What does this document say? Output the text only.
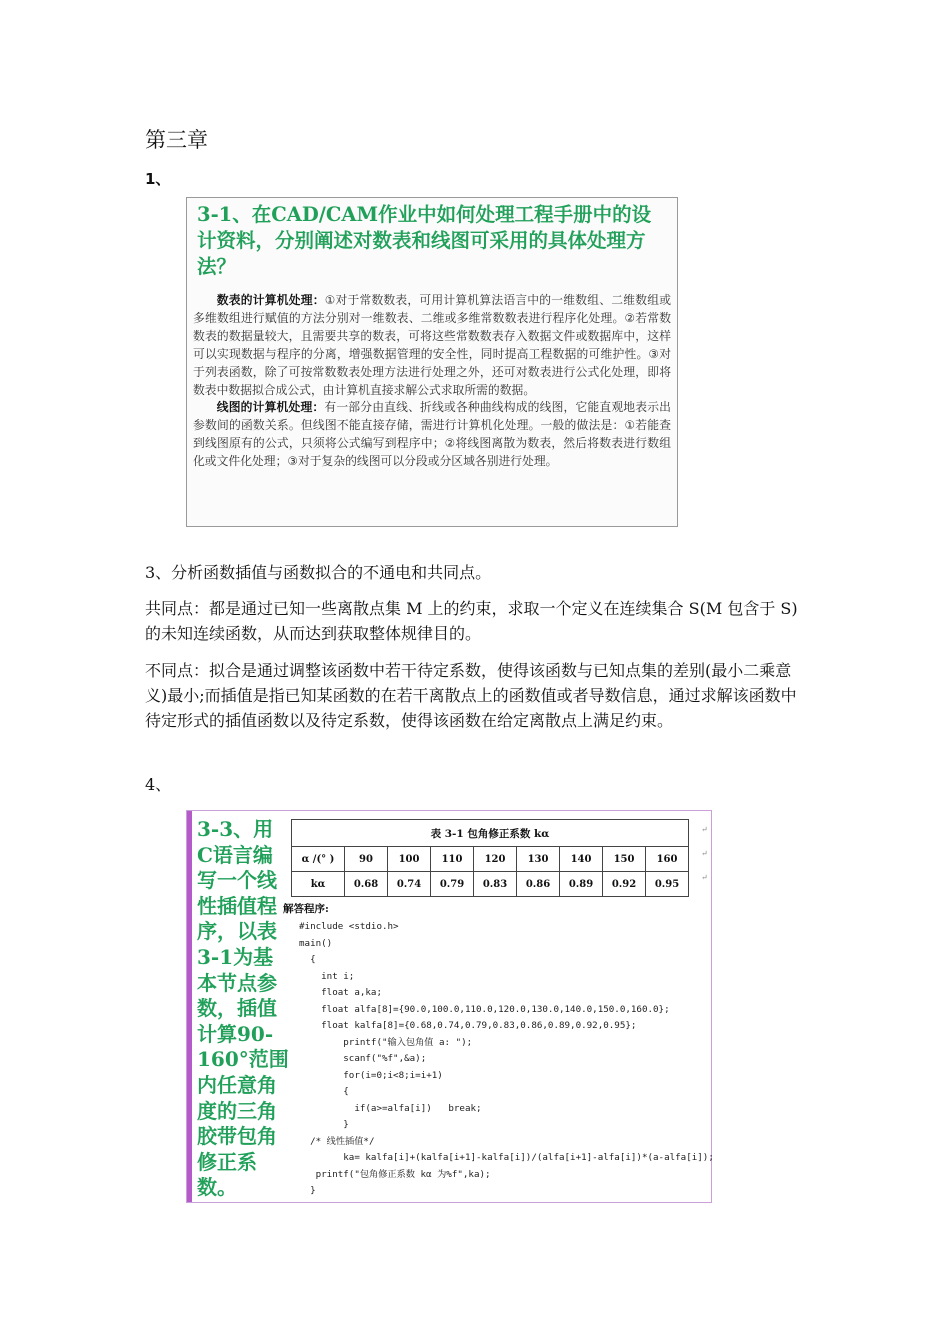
第三章
1、
3-1、在CAD/CAM作业中如何处理工程手册中的设计资料，分别阐述对数表和线图可采用的具体处理方法？

  数表的计算机处理：①对于常数数表，可用计算机算法语言中的一维数组、二维数组或多维数组进行赋值的方法分别对一维数表、二维或多维常数数表进行程序化处理。②若常数数表的数据量较大，且需要共享的数表，可将这些常数数表存入数据文件或数据库中，这样可以实现数据与程序的分离，增强数据管理的安全性，同时提高工程数据的可维护性。③对于列表函数，除了可按常数数表处理方法进行处理之外，还可对数表进行公式化处理，即将数表中数据拟合成公式，由计算机直接求解公式求取所需的数据。

  线图的计算机处理：有一部分由直线、折线或各种曲线构成的线图，它能直观地表示出参数间的函数关系。但线图不能直接存储，需进行计算机化处理。一般的做法是：①若能查到线图原有的公式，只须将公式编写到程序中；②将线图离散为数表，然后将数表进行数组化或文件化处理；③对于复杂的线图可以分段或分区域各别进行处理。

3、分析函数插值与函数拟合的不通电和共同点。

共同点：都是通过已知一些离散点集 M 上的约束，求取一个定义在连续集合 S(M 包含于 S)的未知连续函数，从而达到获取整体规律目的。

不同点：拟合是通过调整该函数中若干待定系数，使得该函数与已知点集的差别(最小二乘意义)最小;而插值是指已知某函数的在若干离散点上的函数值或者导数信息，通过求解该函数中待定形式的插值函数以及待定系数，使得该函数在给定离散点上满足约束。

4、
3-3、用C语言编写一个线性插值程序，以表3-1为基本节点参数，插值计算90-160°范围内任意角度的三角胶带包角修正系数。
表 3-1 包角修正系数 kα								
α /(° )	90	100	110	120	130	140	150	160
kα	0.68	0.74	0.79	0.83	0.86	0.89	0.92	0.95
↵
↵
↵
解答程序:
#include <stdio.h>
main()
{
int i;
float a,ka;
float alfa[8]={90.0,100.0,110.0,120.0,130.0,140.0,150.0,160.0};
float kalfa[8]={0.68,0.74,0.79,0.83,0.86,0.89,0.92,0.95};
printf("输入包角值 a: ");
scanf("%f",&a);
for(i=0;i<8;i=i+1)
{
if(a>=alfa[i])   break;
}
/* 线性插值*/
ka= kalfa[i]+(kalfa[i+1]-kalfa[i])/(alfa[i+1]-alfa[i])*(a-alfa[i]);
printf("包角修正系数 kα 为%f",ka);
}
